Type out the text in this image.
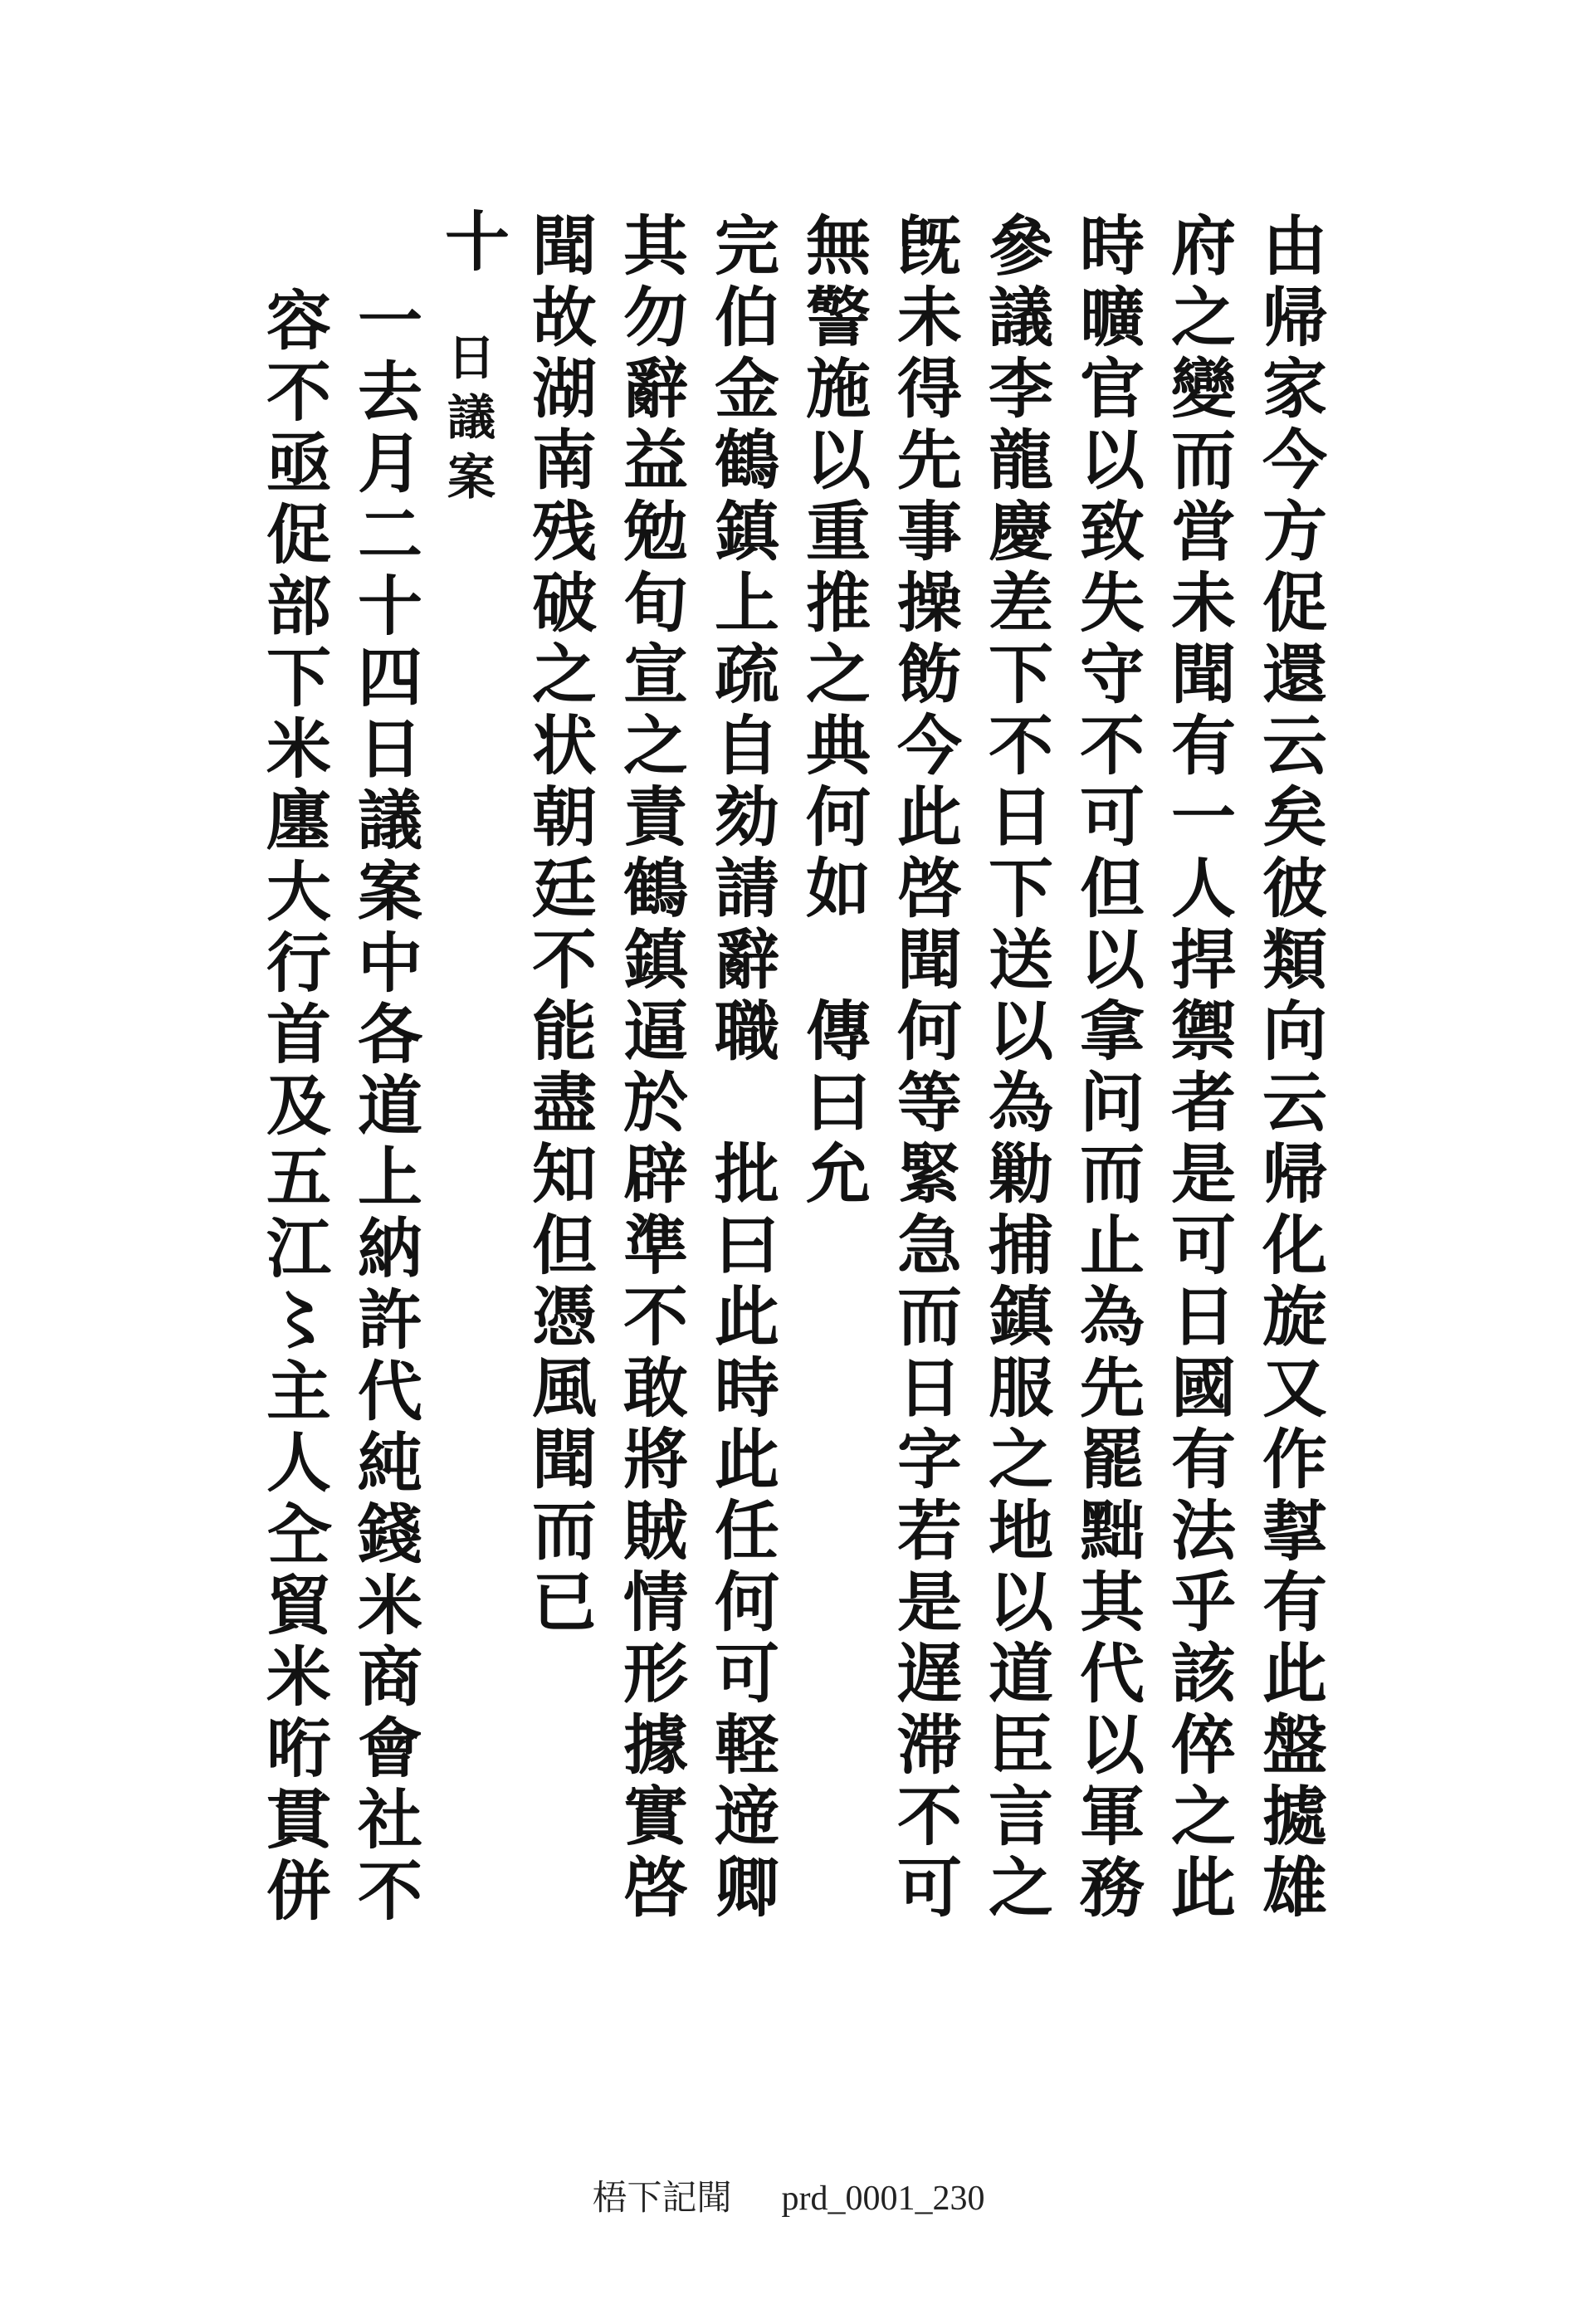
由帰家今方促還云矣彼類向云帰化旋又作㨍有此盤㨿雄
府之變而営未聞有一人捍禦者是可日國有法乎該倅之此
時曠官以致失守不可但以拿问而止為先罷黜其代以軍務
參議李龍慶差下不日下送以為勦捕鎮服之地以道臣言之
旣未得先事操飭今此啓聞何等緊急而日字若是遅滞不可
無警施以重推之典何如　傳曰允
完伯金鶴鎮上疏自劾請辭職　批曰此時此任何可軽遆卿
其勿辭益勉旬宣之責鶴鎮逼於辟準不敢將賊情形據實啓
聞故湖南残破之状朝廷不能盡知但憑風聞而已
十
日議案
一去月二十四日議案中各道上納許代純錢米商會社不
容不亟促部下米廛大行首及五江〻主人㒰貿米哘貫併
梧下記聞 prd_0001_230
